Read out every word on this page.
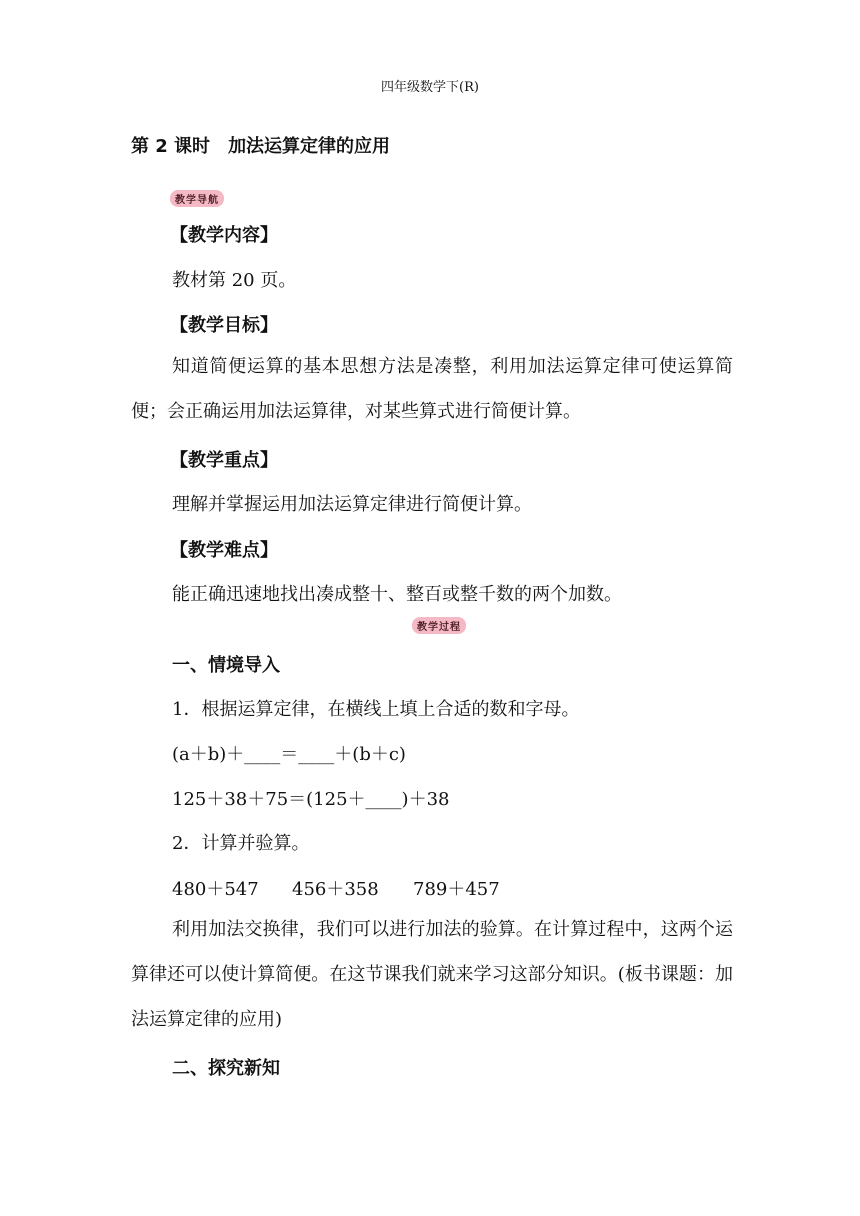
四年级数学下(R)
第 2 课时 加法运算定律的应用
教学导航
【教学内容】
教材第 20 页。
【教学目标】
知道简便运算的基本思想方法是凑整，利用加法运算定律可使运算简便；会正确运用加法运算律，对某些算式进行简便计算。
【教学重点】
理解并掌握运用加法运算定律进行简便计算。
【教学难点】
能正确迅速地找出凑成整十、整百或整千数的两个加数。
教学过程
一、情境导入
1．根据运算定律，在横线上填上合适的数和字母。
(a＋b)＋____＝____＋(b＋c)
125＋38＋75＝(125＋____)＋38
2．计算并验算。
480＋547 456＋358 789＋457
利用加法交换律，我们可以进行加法的验算。在计算过程中，这两个运算律还可以使计算简便。在这节课我们就来学习这部分知识。(板书课题：加法运算定律的应用)
二、探究新知
